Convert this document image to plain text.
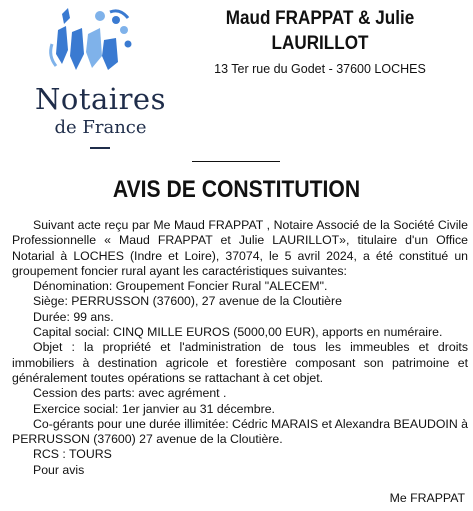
Notaires
de France
Maud FRAPPAT & Julie LAURILLOT
13 Ter rue du Godet - 37600 LOCHES
AVIS DE CONSTITUTION

Suivant acte reçu par Me Maud FRAPPAT , Notaire Associé de la Société Civile Professionnelle « Maud FRAPPAT et Julie LAURILLOT», titulaire d'un Office Notarial à LOCHES (Indre et Loire), 37074, le 5 avril 2024, a été constitué un groupement foncier rural ayant les caractéristiques suivantes:

Dénomination: Groupement Foncier Rural "ALECEM".

Siège: PERRUSSON (37600), 27 avenue de la Cloutière

Durée: 99 ans.

Capital social: CINQ MILLE EUROS (5000,00 EUR), apports en numéraire.

Objet : la propriété et l'administration de tous les immeubles et droits immobiliers à destination agricole et forestière composant son patrimoine et généralement toutes opérations se rattachant à cet objet.

Cession des parts: avec agrément .

Exercice social: 1er janvier au 31 décembre.

Co-gérants pour une durée illimitée: Cédric MARAIS et Alexandra BEAUDOIN à PERRUSSON (37600) 27 avenue de la Cloutière.

RCS : TOURS

Pour avis

Me FRAPPAT
